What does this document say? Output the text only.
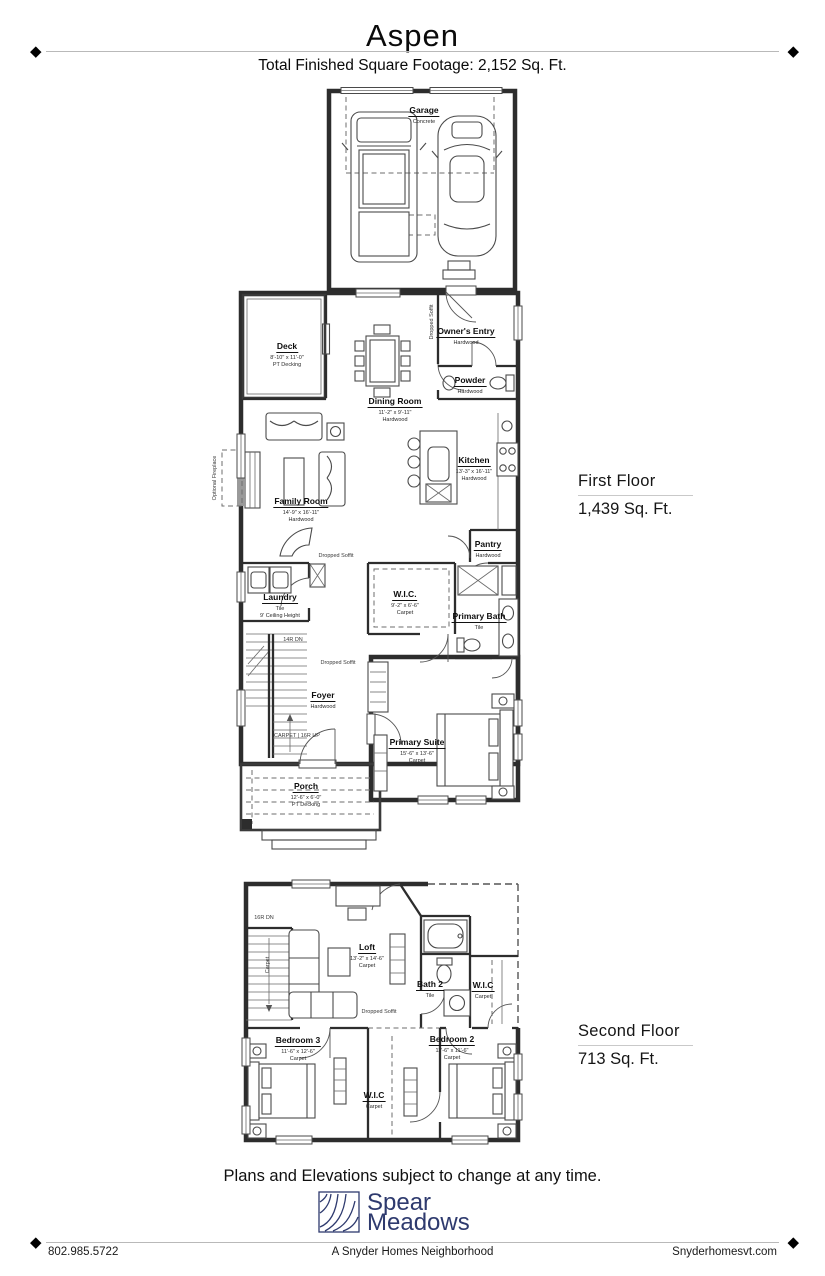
Aspen
◆	◆
Total Finished Square Footage: 2,152 Sq. Ft.
Garage
Concrete
Deck
8'-10" x 11'-0"
PT Decking
Owner's Entry
Hardwood
Powder
Hardwood
Dining Room
11'-2" x 9'-11"
Hardwood
Family Room
14'-9" x 16'-11"
Hardwood
Kitchen
13'-3" x 16'-11"
Hardwood
Pantry
Hardwood
Laundry
Tile
9' Ceiling Height
W.I.C.
9'-2" x 6'-6"
Carpet	Primary Bath
Tile
Foyer
Hardwood
Primary Suite
15'-6" x 13'-6"
Carpet
Porch
12'-6" x 6'-0"
PT Decking
Dropped Soffit
Dropped Soffit
Dropped Soffit
CARPET | 16R UP
14R DN
Optional Fireplace
Loft
13'-2" x 14'-6"
Carpet
Bath 2
Tile
W.I.C
Carpet
Bedroom 3
11'-6" x 12'-6"
Carpet
Bedroom 2
11'-6" x 11'-6"
Carpet
W.I.C
Carpet
16R DN
Carpet
Dropped Soffit
First Floor
1,439 Sq. Ft.
Second Floor
713 Sq. Ft.
Plans and Elevations subject to change at any time.
Spear
Meadows
◆	◆
802.985.5722	A Snyder Homes Neighborhood	Snyderhomesvt.com
